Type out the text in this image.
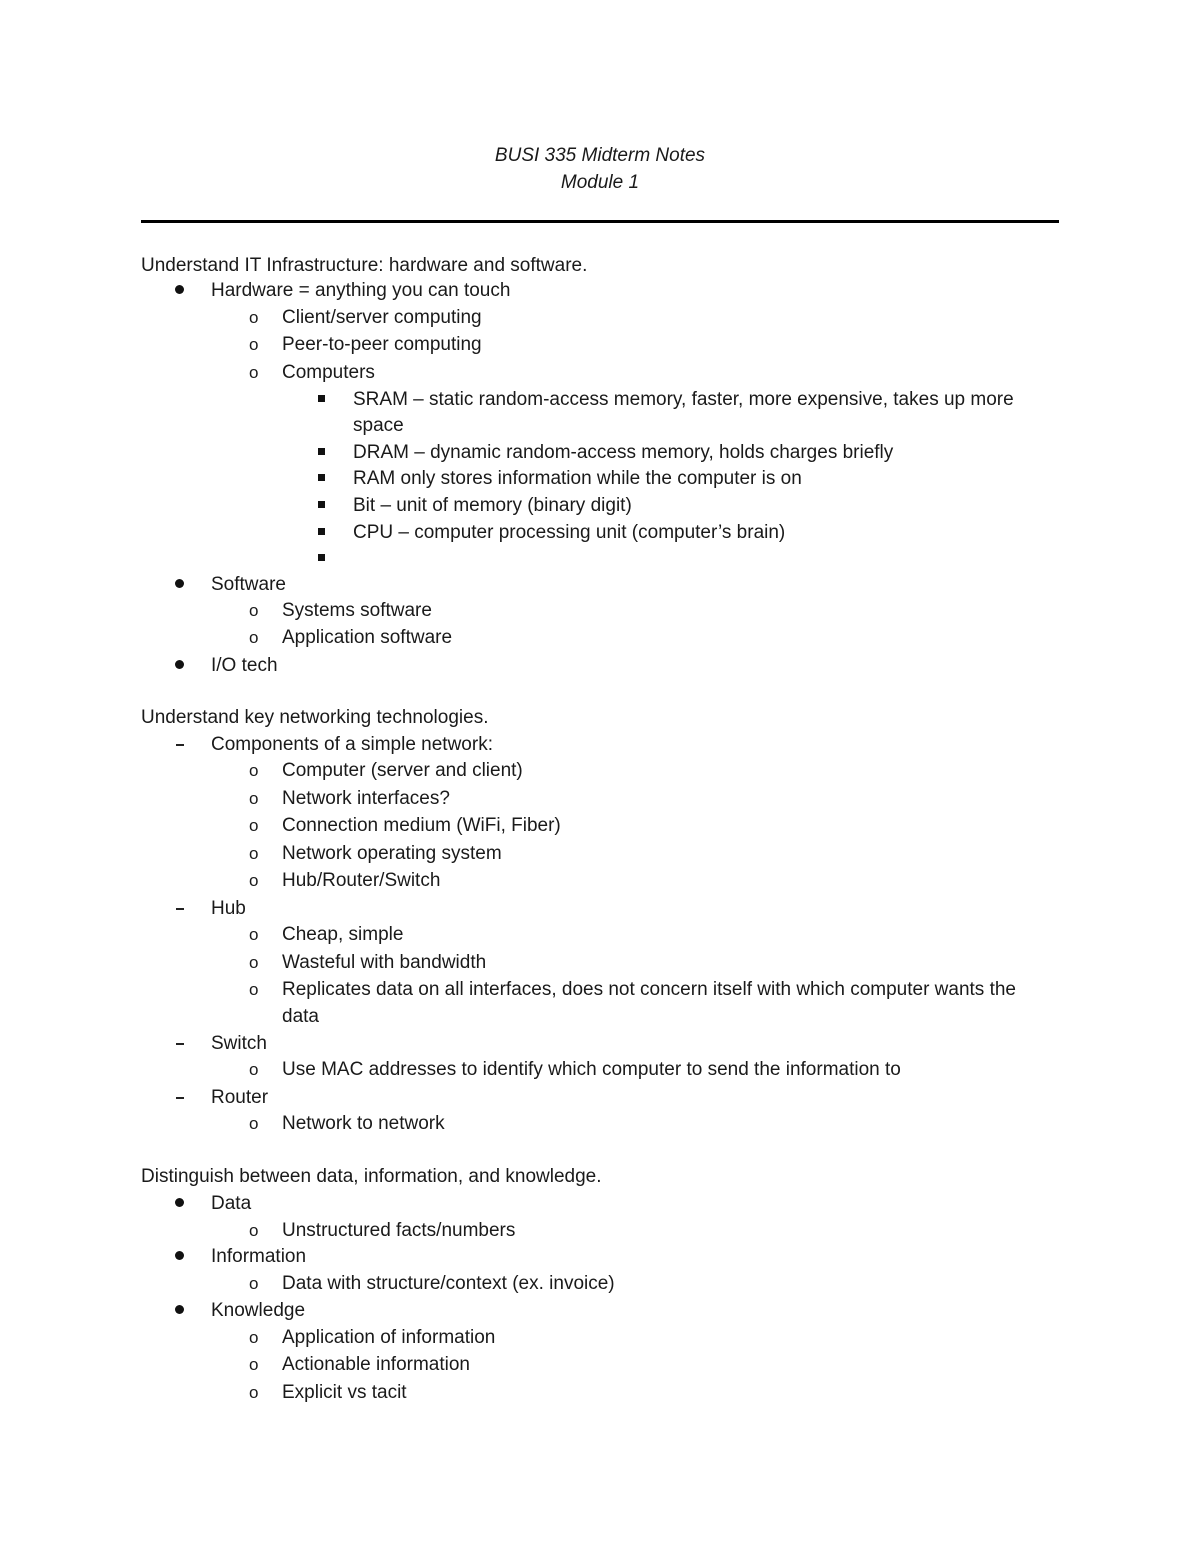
BUSI 335 Midterm Notes
Module 1
Understand IT Infrastructure: hardware and software.
Hardware = anything you can touch
o Client/server computing
o Peer-to-peer computing
o Computers
SRAM – static random-access memory, faster, more expensive, takes up more
space
DRAM – dynamic random-access memory, holds charges briefly
RAM only stores information while the computer is on
Bit – unit of memory (binary digit)
CPU – computer processing unit (computer’s brain)
Software
o Systems software
o Application software
I/O tech
Understand key networking technologies.
Components of a simple network:
o Computer (server and client)
o Network interfaces?
o Connection medium (WiFi, Fiber)
o Network operating system
o Hub/Router/Switch
Hub
o Cheap, simple
o Wasteful with bandwidth
o Replicates data on all interfaces, does not concern itself with which computer wants the
data
Switch
o Use MAC addresses to identify which computer to send the information to
Router
o Network to network
Distinguish between data, information, and knowledge.
Data
o Unstructured facts/numbers
Information
o Data with structure/context (ex. invoice)
Knowledge
o Application of information
o Actionable information
o Explicit vs tacit
